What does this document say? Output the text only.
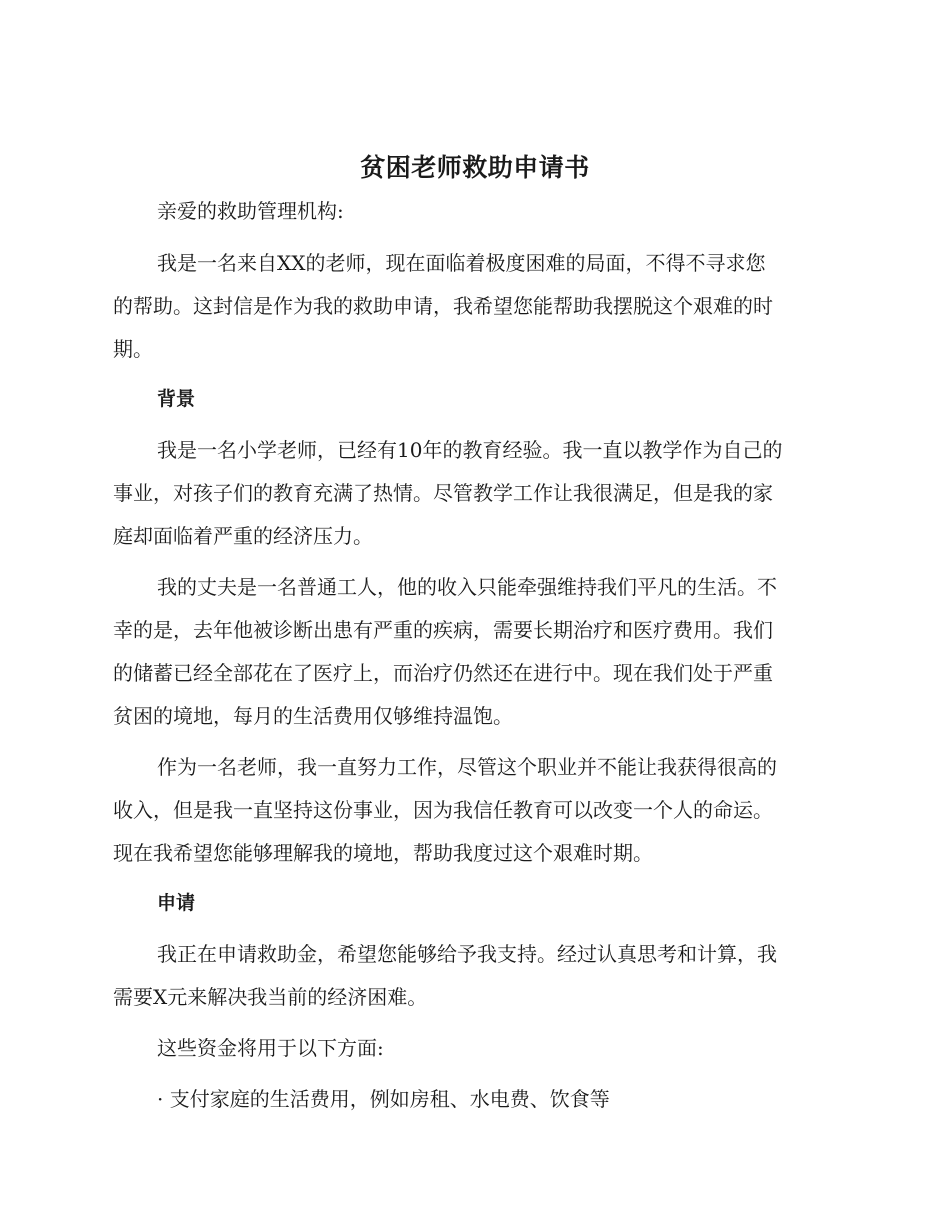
贫困老师救助申请书

亲爱的救助管理机构:

我是一名来自XX的老师，现在面临着极度困难的局面，不得不寻求您

的帮助。这封信是作为我的救助申请，我希望您能帮助我摆脱这个艰难的时

期。

背景

我是一名小学老师，已经有10年的教育经验。我一直以教学作为自己的

事业，对孩子们的教育充满了热情。尽管教学工作让我很满足，但是我的家

庭却面临着严重的经济压力。

我的丈夫是一名普通工人，他的收入只能牵强维持我们平凡的生活。不

幸的是，去年他被诊断出患有严重的疾病，需要长期治疗和医疗费用。我们

的储蓄已经全部花在了医疗上，而治疗仍然还在进行中。现在我们处于严重

贫困的境地，每月的生活费用仅够维持温饱。

作为一名老师，我一直努力工作，尽管这个职业并不能让我获得很高的

收入，但是我一直坚持这份事业，因为我信任教育可以改变一个人的命运。

现在我希望您能够理解我的境地，帮助我度过这个艰难时期。

申请

我正在申请救助金，希望您能够给予我支持。经过认真思考和计算，我

需要X元来解决我当前的经济困难。

这些资金将用于以下方面:

· 支付家庭的生活费用，例如房租、水电费、饮食等
